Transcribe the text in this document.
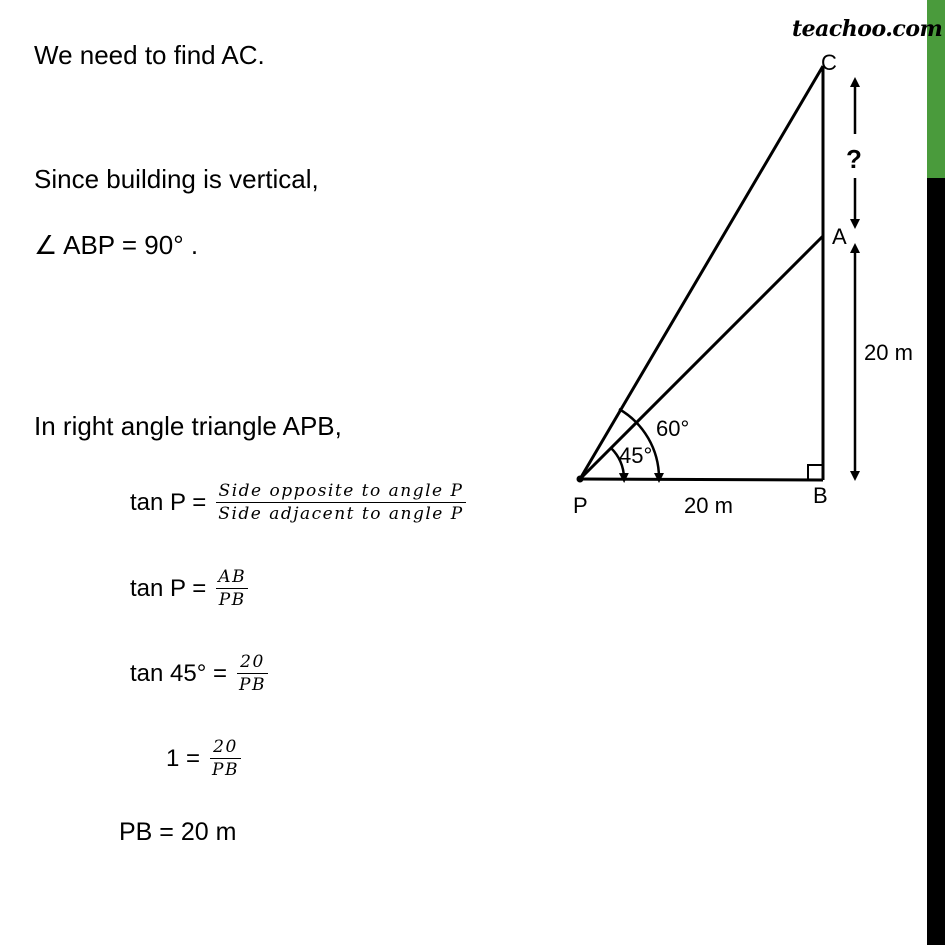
teachoo.com
We need to find AC.
Since building is vertical,
∠ ABP = 90° .
In right angle triangle APB,
$\tan P = \frac{\text{Side opposite to angle P}}{\text{Side adjacent to angle P}}$
$\tan P = \frac{AB}{PB}$
$\tan 45^\circ = \frac{20}{PB}$
$1 = \frac{20}{PB}$
PB = 20 m
C
A
P	B
?
20 m
20 m
60°
45°
